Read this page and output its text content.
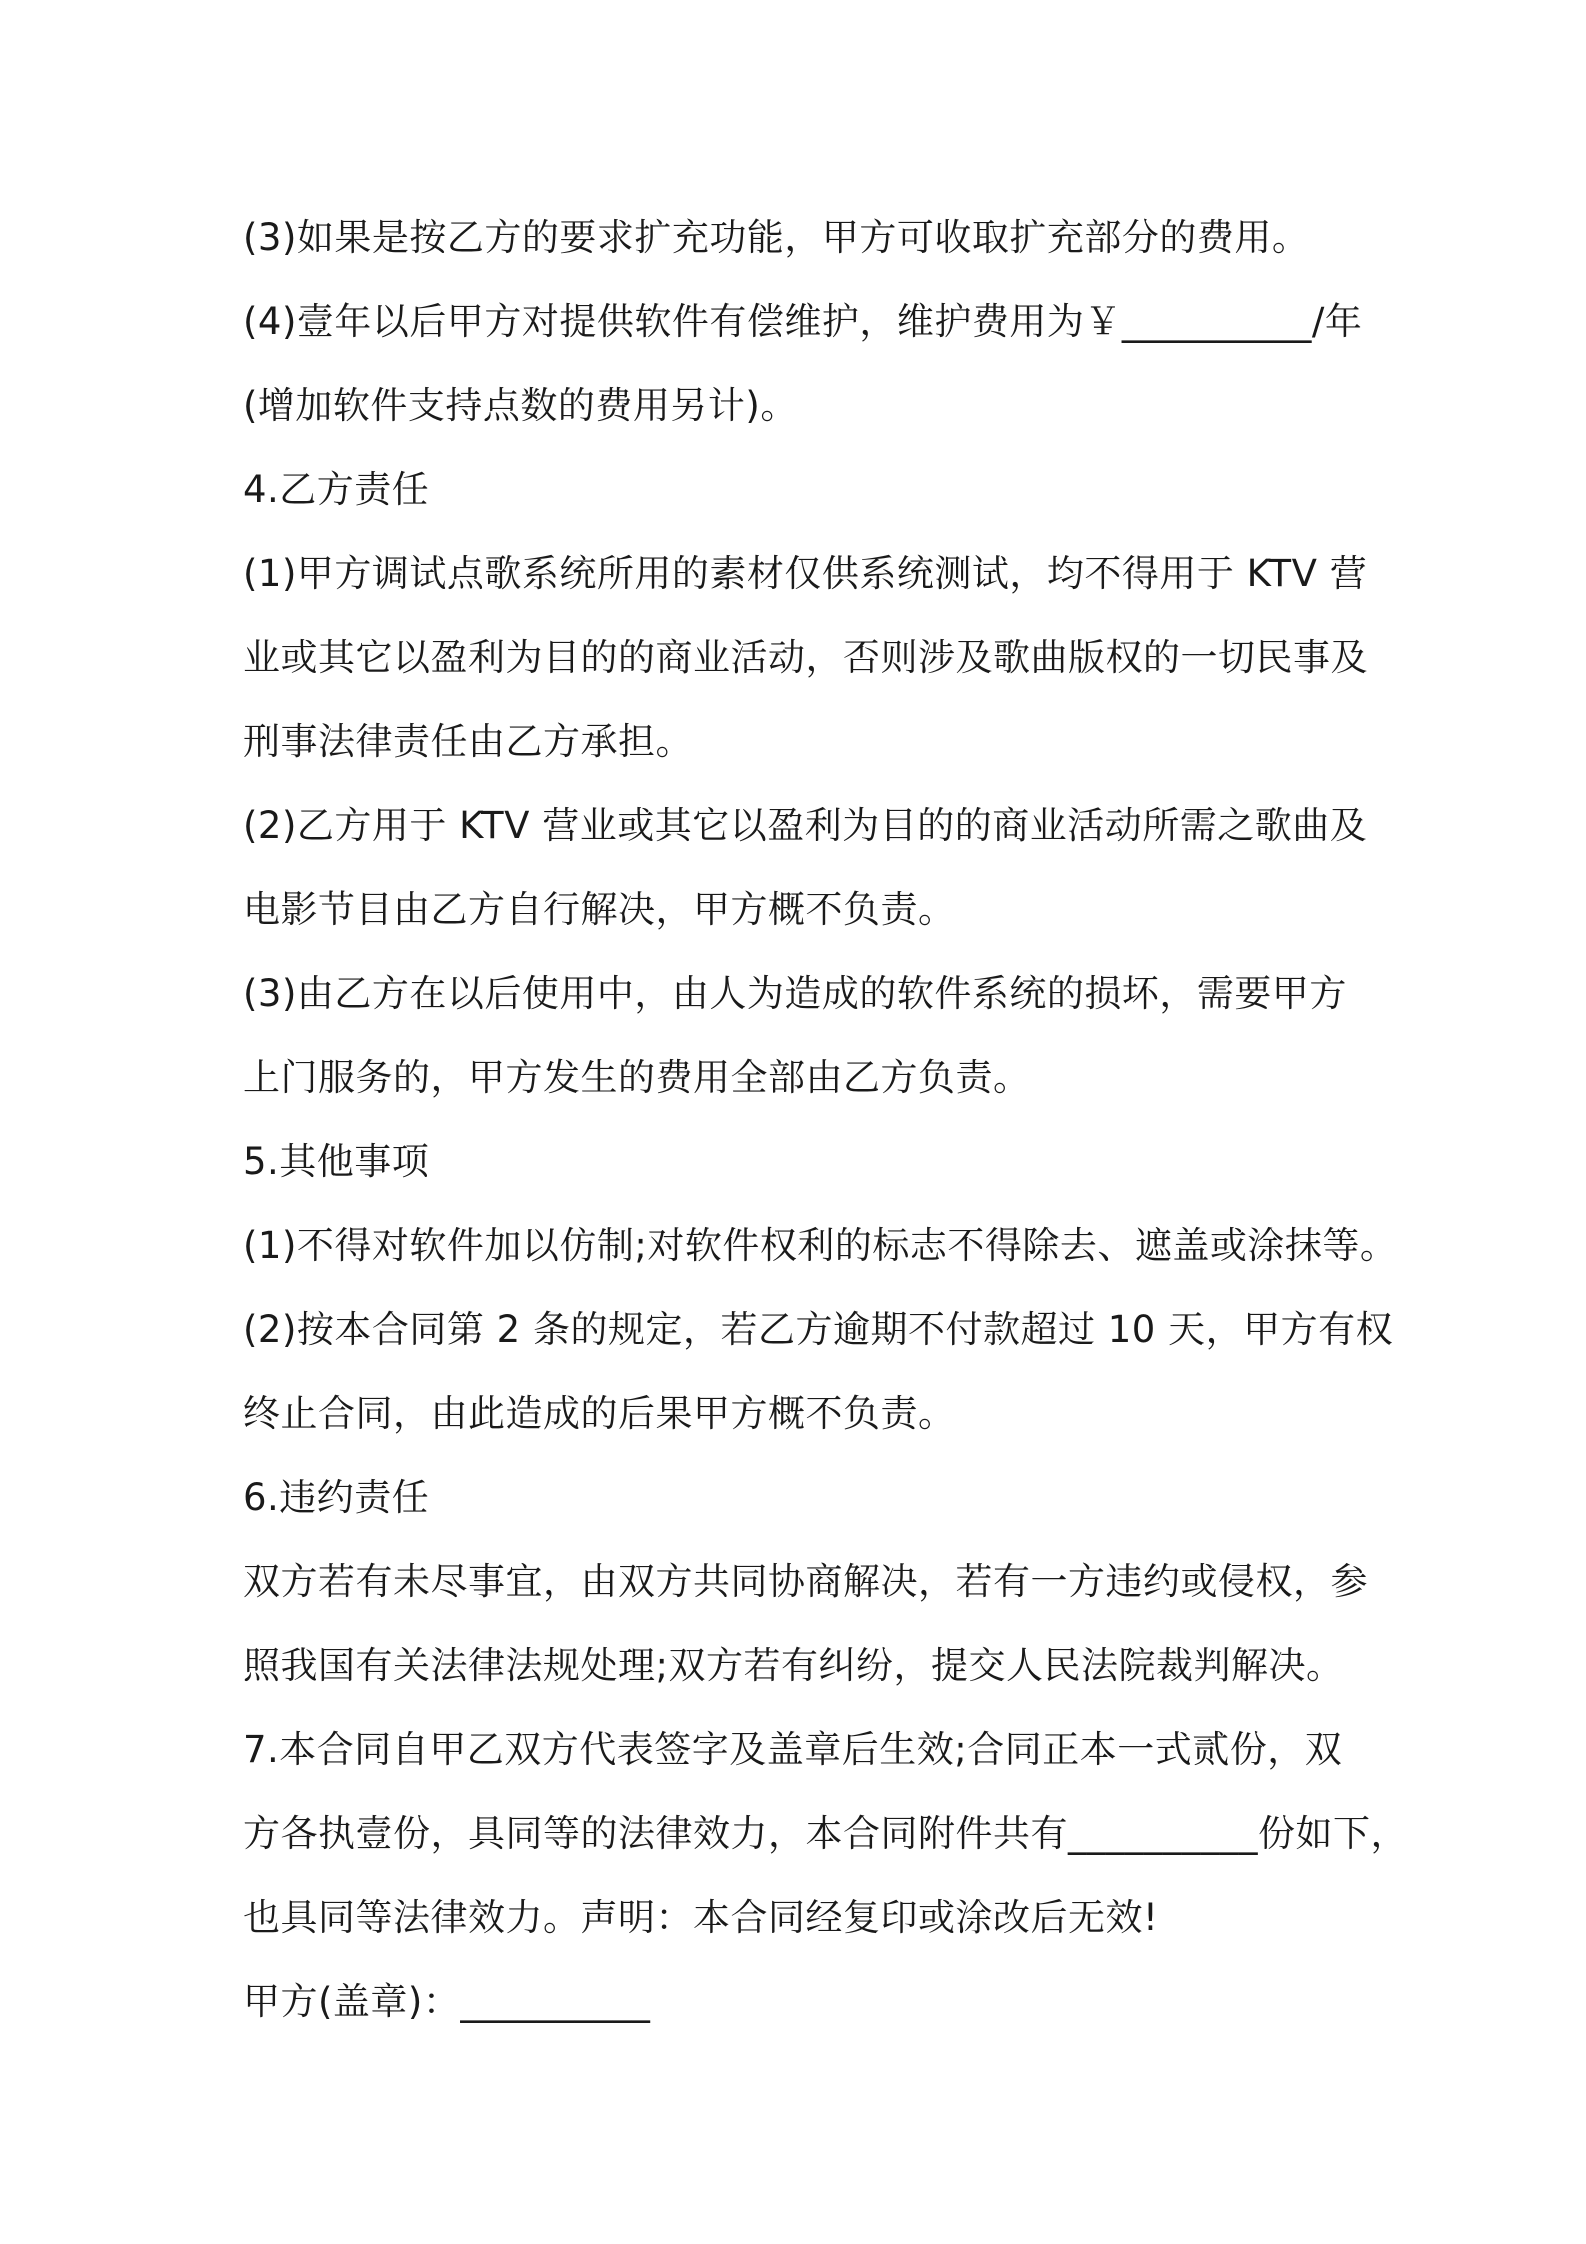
(3)如果是按乙方的要求扩充功能，甲方可收取扩充部分的费用。
(4)壹年以后甲方对提供软件有偿维护，维护费用为￥__________/年
(增加软件支持点数的费用另计)。
4.乙方责任
(1)甲方调试点歌系统所用的素材仅供系统测试，均不得用于 KTV 营
业或其它以盈利为目的的商业活动，否则涉及歌曲版权的一切民事及
刑事法律责任由乙方承担。
(2)乙方用于 KTV 营业或其它以盈利为目的的商业活动所需之歌曲及
电影节目由乙方自行解决，甲方概不负责。
(3)由乙方在以后使用中，由人为造成的软件系统的损坏，需要甲方
上门服务的，甲方发生的费用全部由乙方负责。
5.其他事项
(1)不得对软件加以仿制;对软件权利的标志不得除去、遮盖或涂抹等。
(2)按本合同第 2 条的规定，若乙方逾期不付款超过 10 天，甲方有权
终止合同，由此造成的后果甲方概不负责。
6.违约责任
双方若有未尽事宜，由双方共同协商解决，若有一方违约或侵权，参
照我国有关法律法规处理;双方若有纠纷，提交人民法院裁判解决。
7.本合同自甲乙双方代表签字及盖章后生效;合同正本一式贰份，双
方各执壹份，具同等的法律效力，本合同附件共有__________份如下，
也具同等法律效力。声明：本合同经复印或涂改后无效!
甲方(盖章)：__________
